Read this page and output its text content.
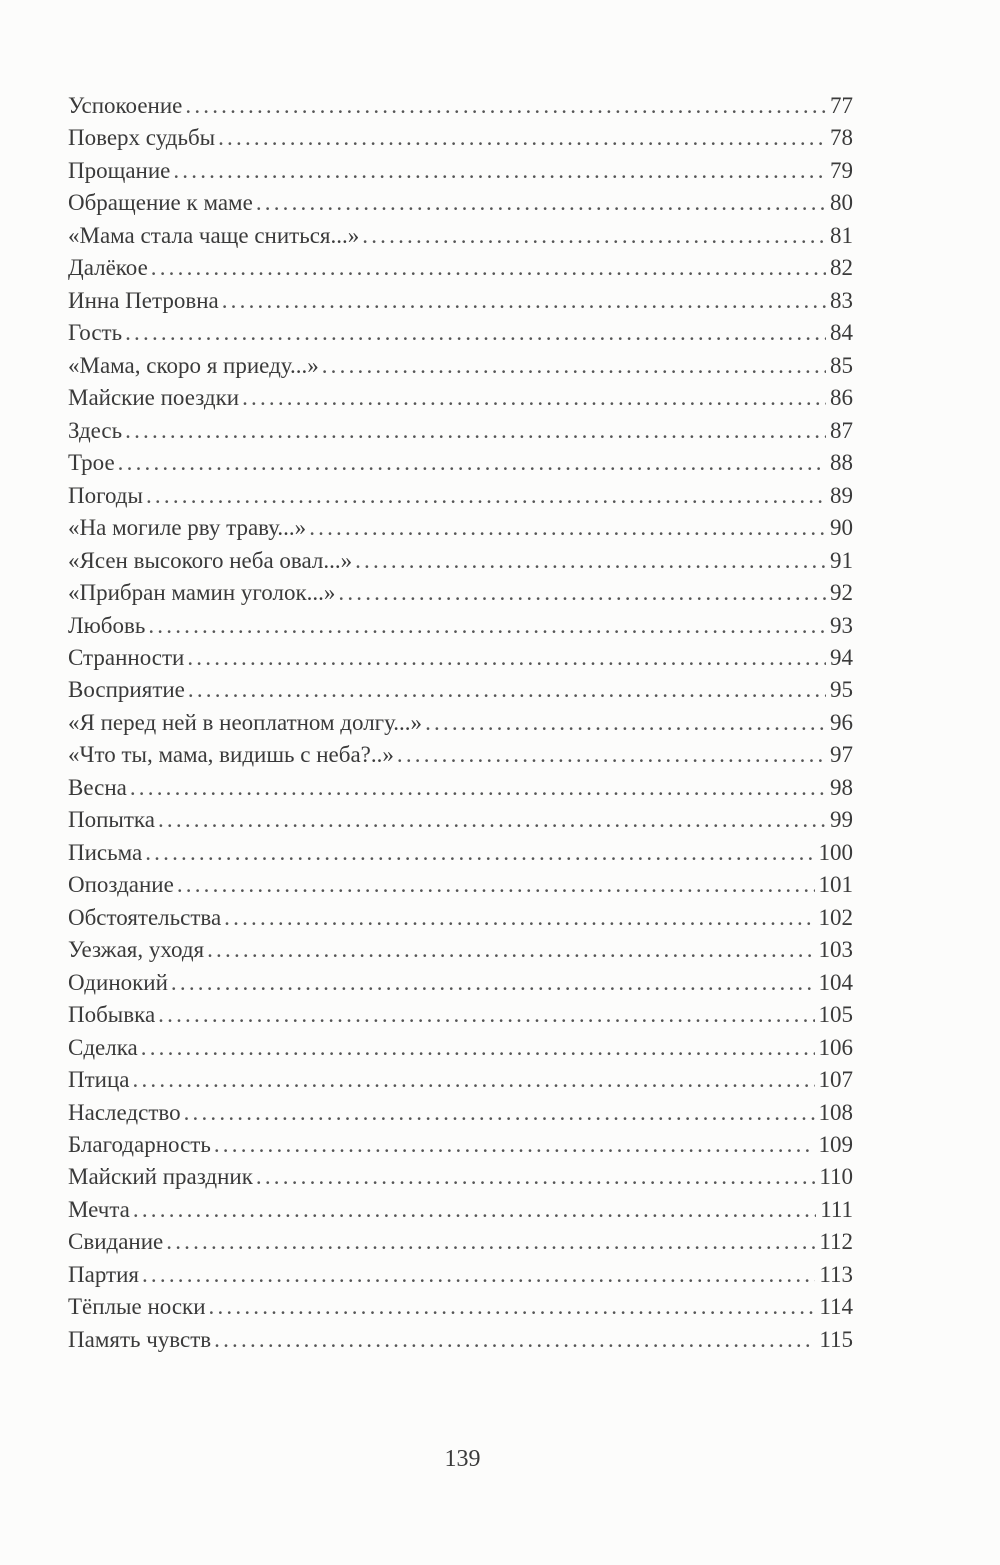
Успокоение .....	77
Поверх судьбы .....	78
Прощание .....	79
Обращение к маме .....	80
«Мама стала чаще сниться...» .....	81
Далёкое .....	82
Инна Петровна .....	83
Гость .....	84
«Мама, скоро я приеду...» .....	85
Майские поездки .....	86
Здесь .....	87
Трое .....	88
Погоды .....	89
«На могиле рву траву...» .....	90
«Ясен высокого неба овал...» .....	91
«Прибран мамин уголок...» .....	92
Любовь .....	93
Странности .....	94
Восприятие .....	95
«Я перед ней в неоплатном долгу...» .....	96
«Что ты, мама, видишь с неба?..» .....	97
Весна .....	98
Попытка .....	99
Письма .....	100
Опоздание .....	101
Обстоятельства .....	102
Уезжая, уходя .....	103
Одинокий .....	104
Побывка .....	105
Сделка .....	106
Птица .....	107
Наследство .....	108
Благодарность .....	109
Майский праздник .....	110
Мечта .....	111
Свидание .....	112
Партия .....	113
Тёплые носки .....	114
Память чувств .....	115
139
